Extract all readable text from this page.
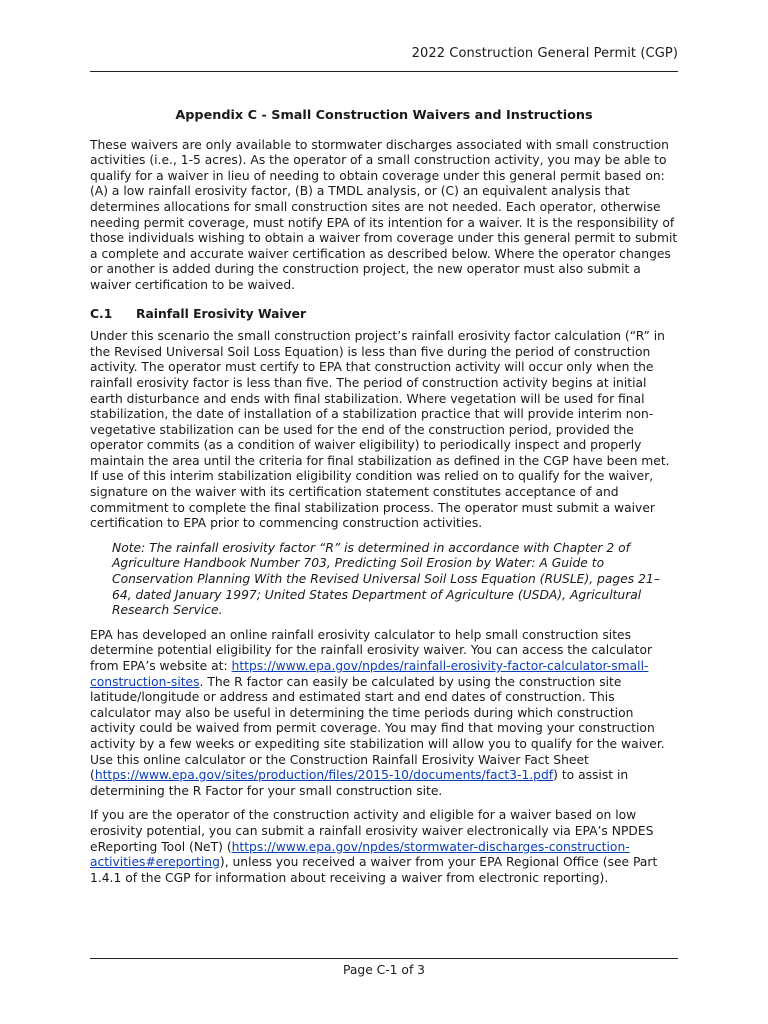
2022 Construction General Permit (CGP)
Appendix C - Small Construction Waivers and Instructions

These waivers are only available to stormwater discharges associated with small construction activities (i.e., 1-5 acres). As the operator of a small construction activity, you may be able to qualify for a waiver in lieu of needing to obtain coverage under this general permit based on: (A) a low rainfall erosivity factor, (B) a TMDL analysis, or (C) an equivalent analysis that determines allocations for small construction sites are not needed. Each operator, otherwise needing permit coverage, must notify EPA of its intention for a waiver. It is the responsibility of those individuals wishing to obtain a waiver from coverage under this general permit to submit a complete and accurate waiver certification as described below. Where the operator changes or another is added during the construction project, the new operator must also submit a waiver certification to be waived.

C.1 Rainfall Erosivity Waiver

Under this scenario the small construction project’s rainfall erosivity factor calculation (“R” in the Revised Universal Soil Loss Equation) is less than five during the period of construction activity. The operator must certify to EPA that construction activity will occur only when the rainfall erosivity factor is less than five. The period of construction activity begins at initial earth disturbance and ends with final stabilization. Where vegetation will be used for final stabilization, the date of installation of a stabilization practice that will provide interim non-vegetative stabilization can be used for the end of the construction period, provided the operator commits (as a condition of waiver eligibility) to periodically inspect and properly maintain the area until the criteria for final stabilization as defined in the CGP have been met. If use of this interim stabilization eligibility condition was relied on to qualify for the waiver, signature on the waiver with its certification statement constitutes acceptance of and commitment to complete the final stabilization process. The operator must submit a waiver certification to EPA prior to commencing construction activities.

Note: The rainfall erosivity factor “R” is determined in accordance with Chapter 2 of Agriculture Handbook Number 703, Predicting Soil Erosion by Water: A Guide to Conservation Planning With the Revised Universal Soil Loss Equation (RUSLE), pages 21–64, dated January 1997; United States Department of Agriculture (USDA), Agricultural Research Service.

EPA has developed an online rainfall erosivity calculator to help small construction sites determine potential eligibility for the rainfall erosivity waiver. You can access the calculator from EPA’s website at: https://www.epa.gov/npdes/rainfall-erosivity-factor-calculator-small-construction-sites. The R factor can easily be calculated by using the construction site latitude/longitude or address and estimated start and end dates of construction. This calculator may also be useful in determining the time periods during which construction activity could be waived from permit coverage. You may find that moving your construction activity by a few weeks or expediting site stabilization will allow you to qualify for the waiver. Use this online calculator or the Construction Rainfall Erosivity Waiver Fact Sheet (https://www.epa.gov/sites/production/files/2015-10/documents/fact3-1.pdf) to assist in determining the R Factor for your small construction site.

If you are the operator of the construction activity and eligible for a waiver based on low erosivity potential, you can submit a rainfall erosivity waiver electronically via EPA’s NPDES eReporting Tool (NeT) (https://www.epa.gov/npdes/stormwater-discharges-construction-activities#ereporting), unless you received a waiver from your EPA Regional Office (see Part 1.4.1 of the CGP for information about receiving a waiver from electronic reporting).

Page C-1 of 3
